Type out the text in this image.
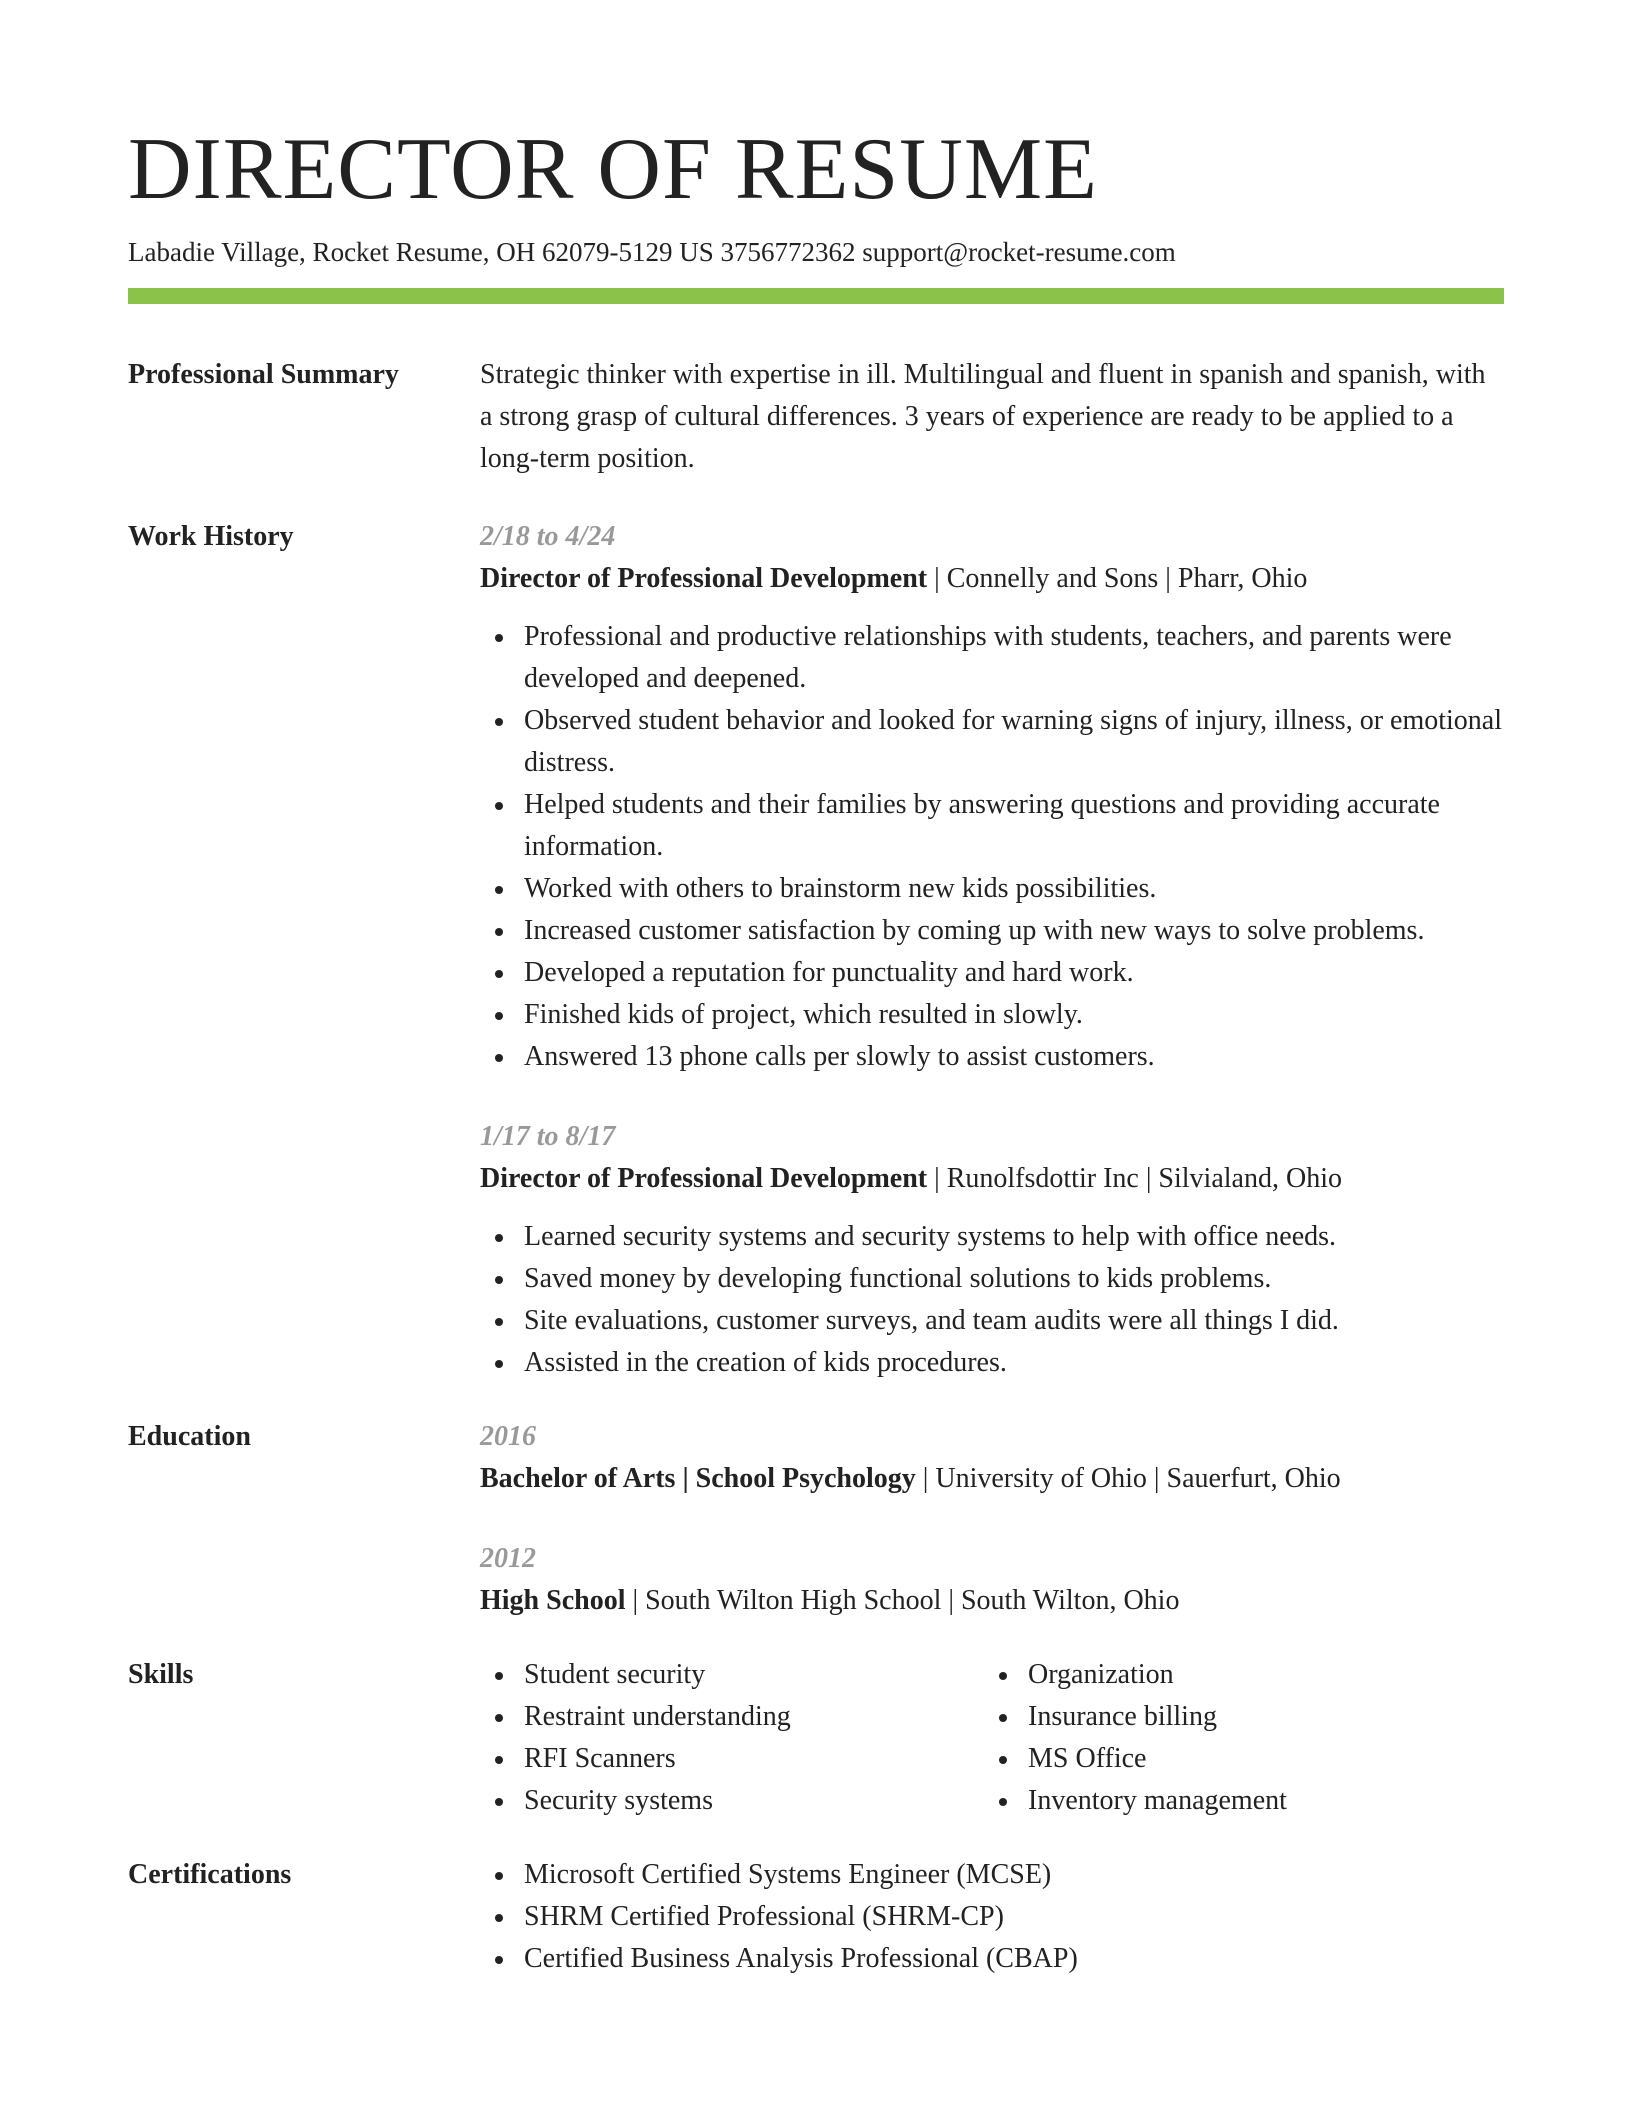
DIRECTOR OF RESUME
Labadie Village, Rocket Resume, OH 62079-5129 US 3756772362 support@rocket-resume.com
Professional Summary	Strategic thinker with expertise in ill. Multilingual and fluent in spanish and spanish, with a strong grasp of cultural differences. 3 years of experience are ready to be applied to a long-term position.
Work History	2/18 to 4/24
Director of Professional Development | Connelly and Sons | Pharr, Ohio
Professional and productive relationships with students, teachers, and parents were developed and deepened.
Observed student behavior and looked for warning signs of injury, illness, or emotional distress.
Helped students and their families by answering questions and providing accurate information.
Worked with others to brainstorm new kids possibilities.
Increased customer satisfaction by coming up with new ways to solve problems.
Developed a reputation for punctuality and hard work.
Finished kids of project, which resulted in slowly.
Answered 13 phone calls per slowly to assist customers.
1/17 to 8/17
Director of Professional Development | Runolfsdottir Inc | Silvialand, Ohio
Learned security systems and security systems to help with office needs.
Saved money by developing functional solutions to kids problems.
Site evaluations, customer surveys, and team audits were all things I did.
Assisted in the creation of kids procedures.
Education	2016
Bachelor of Arts | School Psychology | University of Ohio | Sauerfurt, Ohio
2012
High School | South Wilton High School | South Wilton, Ohio
Skills	Student security
Restraint understanding
RFI Scanners
Security systems
Organization
Insurance billing
MS Office
Inventory management
Certifications	Microsoft Certified Systems Engineer (MCSE)
SHRM Certified Professional (SHRM-CP)
Certified Business Analysis Professional (CBAP)
